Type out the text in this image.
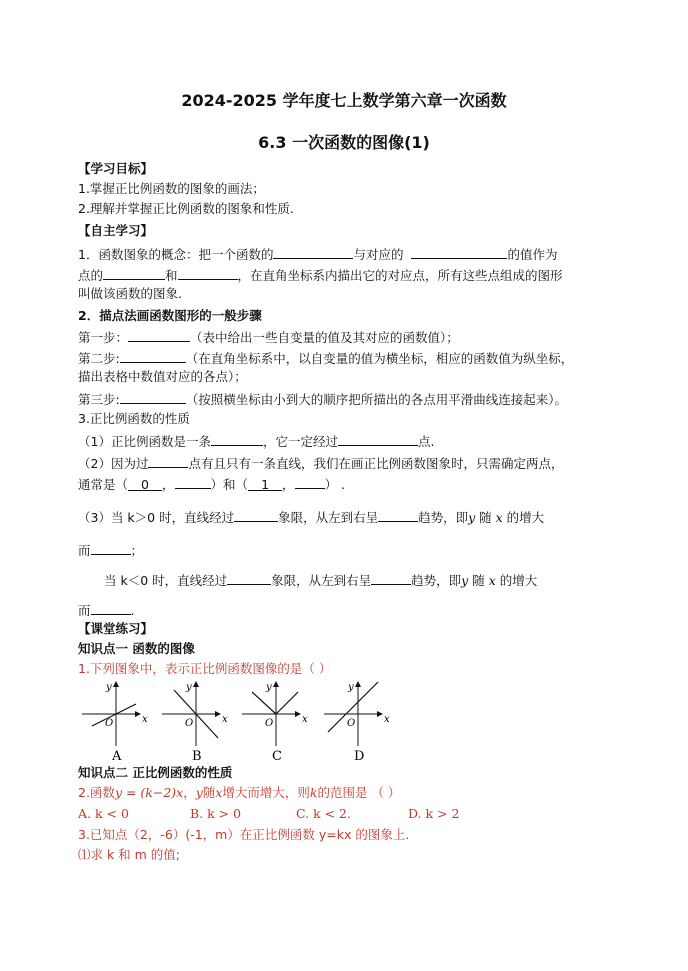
2024-2025 学年度七上数学第六章一次函数
6.3 一次函数的图像(1)
【学习目标】
1.掌握正比例函数的图象的画法；
2.理解并掌握正比例函数的图象和性质.
【自主学习】
1．函数图象的概念：把一个函数的	与对应的	的值作为
点的	和	，在直角坐标系内描出它的对应点，所有这些点组成的图形
叫做该函数的图象.
2．描点法画函数图形的一般步骤
第一步：	（表中给出一些自变量的值及其对应的函数值）；
第二步:	（在直角坐标系中，以自变量的值为横坐标，相应的函数值为纵坐标，
描出表格中数值对应的各点）；
第三步:	（按照横坐标由小到大的顺序把所描出的各点用平滑曲线连接起来）。
3.正比例函数的性质
（1）正比例函数是一条	，它一定经过	点.
（2）因为过	点有且只有一条直线，我们在画正比例函数图象时，只需确定两点，
通常是（ 0 ，	）和（ 1 ， ） .
（3）当 k＞0 时，直线经过	象限，从左到右呈	趋势，即y 随 x 的增大
而	；
当 k＜0 时，直线经过	象限，从左到右呈	趋势，即y 随 x 的增大
而	.
【课堂练习】
知识点一 函数的图像
1.下列图象中，表示正比例函数图像的是（ ）
y
x
O
A
y
x
O
B
y
x
O
C
y
x
O
D
知识点二 正比例函数的性质
2.函数y = (k−2)x，y随x增大而增大，则k的范围是 （ ）
A. k < 0	B. k > 0	C. k < 2.	D. k > 2
3.已知点（2，-6）(-1，m）在正比例函数 y=kx 的图象上.
⑴求 k 和 m 的值;
